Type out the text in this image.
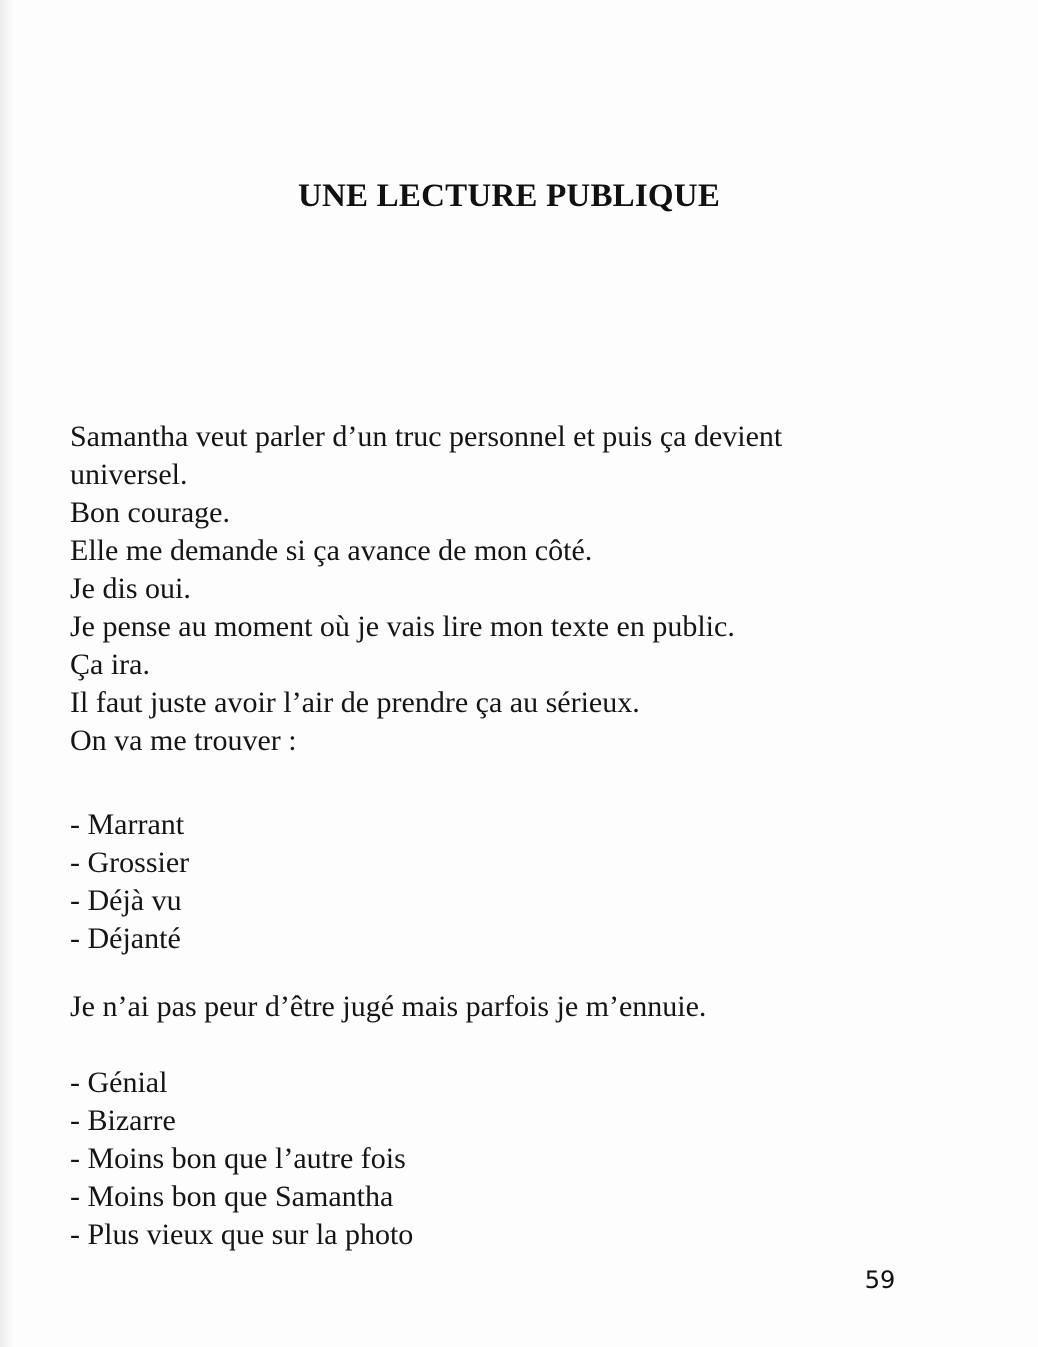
UNE LECTURE PUBLIQUE
Samantha veut parler d’un truc personnel et puis ça devient
universel.
Bon courage.
Elle me demande si ça avance de mon côté.
Je dis oui.
Je pense au moment où je vais lire mon texte en public.
Ça ira.
Il faut juste avoir l’air de prendre ça au sérieux.
On va me trouver :
- Marrant
- Grossier
- Déjà vu
- Déjanté
Je n’ai pas peur d’être jugé mais parfois je m’ennuie.
- Génial
- Bizarre
- Moins bon que l’autre fois
- Moins bon que Samantha
- Plus vieux que sur la photo
59
